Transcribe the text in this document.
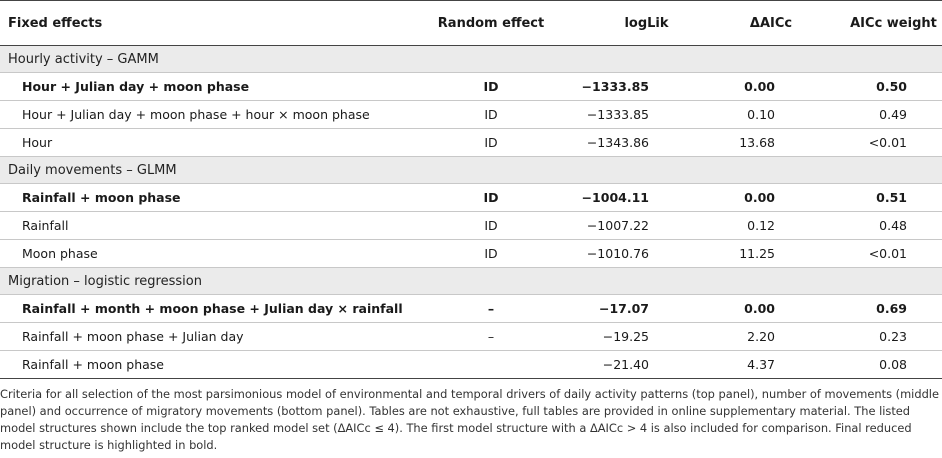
Fixed effects	Random effect	logLik	ΔAICc	AICc weight
Hourly activity – GAMM				
Hour + Julian day + moon phase	ID	−1333.85	0.00	0.50
Hour + Julian day + moon phase + hour × moon phase	ID	−1333.85	0.10	0.49
Hour	ID	−1343.86	13.68	<0.01
Daily movements – GLMM				
Rainfall + moon phase	ID	−1004.11	0.00	0.51
Rainfall	ID	−1007.22	0.12	0.48
Moon phase	ID	−1010.76	11.25	<0.01
Migration – logistic regression				
Rainfall + month + moon phase + Julian day × rainfall	–	−17.07	0.00	0.69
Rainfall + moon phase + Julian day	–	−19.25	2.20	0.23
Rainfall + moon phase		−21.40	4.37	0.08
Criteria for all selection of the most parsimonious model of environmental and temporal drivers of daily activity patterns (top panel), number of movements (middle panel) and occurrence of migratory movements (bottom panel). Tables are not exhaustive, full tables are provided in online supplementary material. The listed model structures shown include the top ranked model set (ΔAICc ≤ 4). The first model structure with a ΔAICc > 4 is also included for comparison. Final reduced model structure is highlighted in bold.
